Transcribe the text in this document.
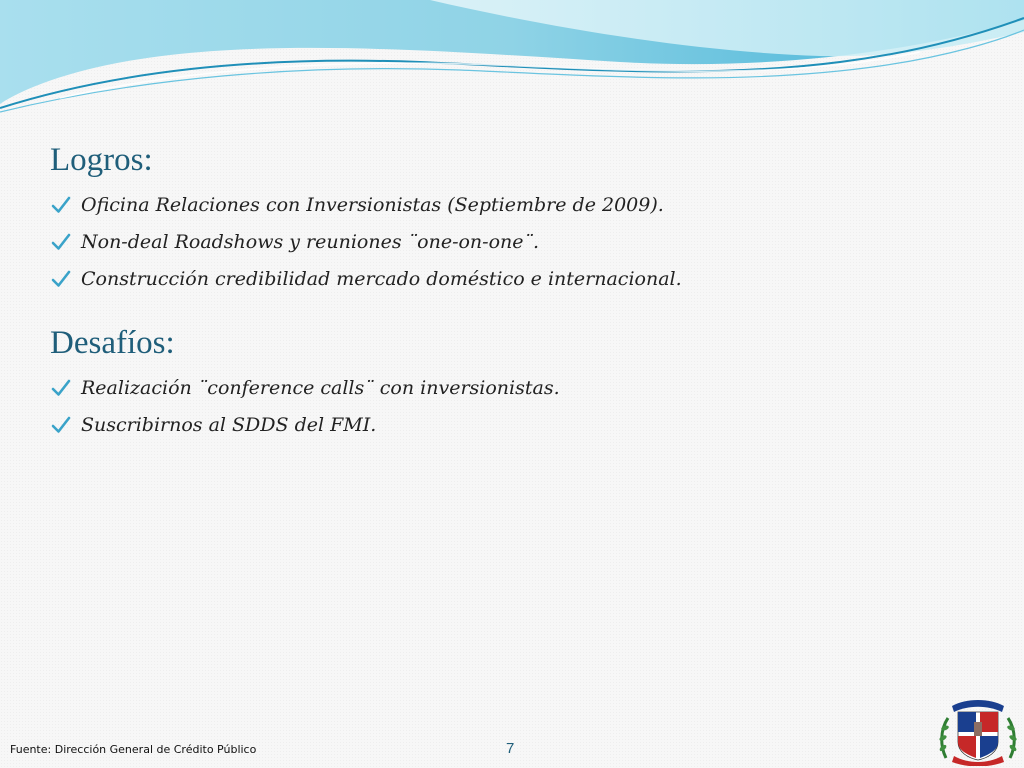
Logros:
Oficina Relaciones con Inversionistas (Septiembre de 2009).
Non-deal Roadshows y reuniones ¨one-on-one¨.
Construcción credibilidad mercado doméstico e internacional.
Desafíos:
Realización ¨conference calls¨ con inversionistas.
Suscribirnos al SDDS del FMI.
Fuente: Dirección General de Crédito Público	7
